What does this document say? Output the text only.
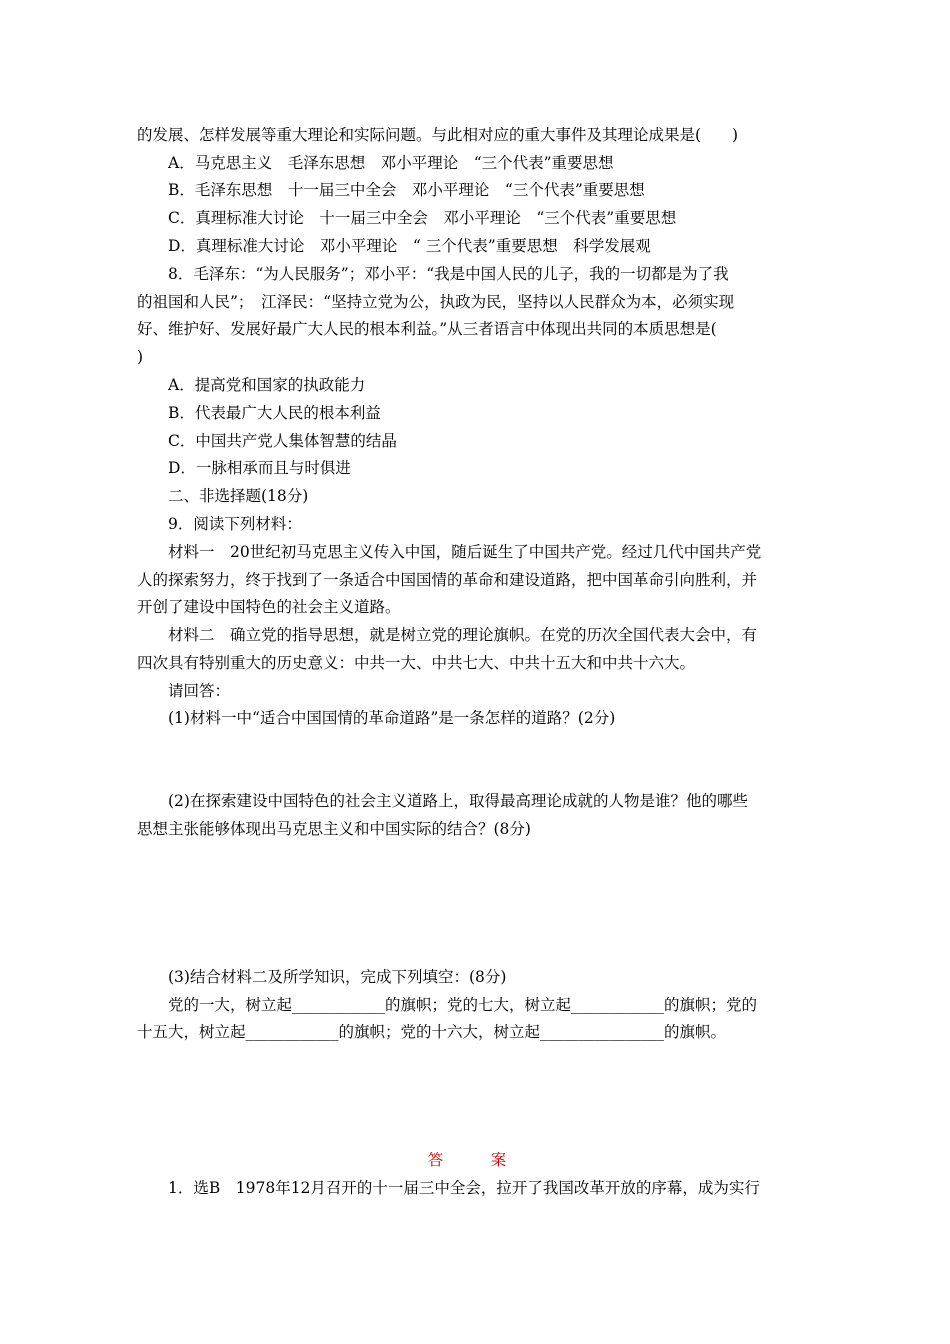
的发展、怎样发展等重大理论和实际问题。与此相对应的重大事件及其理论成果是(　　)
A．马克思主义　毛泽东思想　邓小平理论　“三个代表”重要思想
B．毛泽东思想　十一届三中全会　邓小平理论　“三个代表”重要思想
C．真理标准大讨论　十一届三中全会　邓小平理论　“三个代表”重要思想
D．真理标准大讨论　邓小平理论　“ 三个代表”重要思想　科学发展观
8．毛泽东：“为人民服务”；邓小平：“我是中国人民的儿子，我的一切都是为了我
的祖国和人民”；　江泽民：“坚持立党为公，执政为民，坚持以人民群众为本，必须实现
好、维护好、发展好最广大人民的根本利益。”从三者语言中体现出共同的本质思想是(
)
A．提高党和国家的执政能力
B．代表最广大人民的根本利益
C．中国共产党人集体智慧的结晶
D．一脉相承而且与时俱进
二、非选择题(18分)
9．阅读下列材料：
材料一　20世纪初马克思主义传入中国，随后诞生了中国共产党。经过几代中国共产党
人的探索努力，终于找到了一条适合中国国情的革命和建设道路，把中国革命引向胜利，并
开创了建设中国特色的社会主义道路。
材料二　确立党的指导思想，就是树立党的理论旗帜。在党的历次全国代表大会中，有
四次具有特别重大的历史意义：中共一大、中共七大、中共十五大和中共十六大。
请回答：
(1)材料一中“适合中国国情的革命道路”是一条怎样的道路？(2分)
(2)在探索建设中国特色的社会主义道路上，取得最高理论成就的人物是谁？他的哪些
思想主张能够体现出马克思主义和中国实际的结合？(8分)
(3)结合材料二及所学知识，完成下列填空：(8分)
党的一大，树立起____________的旗帜；党的七大，树立起____________的旗帜；党的
十五大，树立起____________的旗帜；党的十六大，树立起________________的旗帜。
答　案
1．选B　1978年12月召开的十一届三中全会，拉开了我国改革开放的序幕，成为实行
